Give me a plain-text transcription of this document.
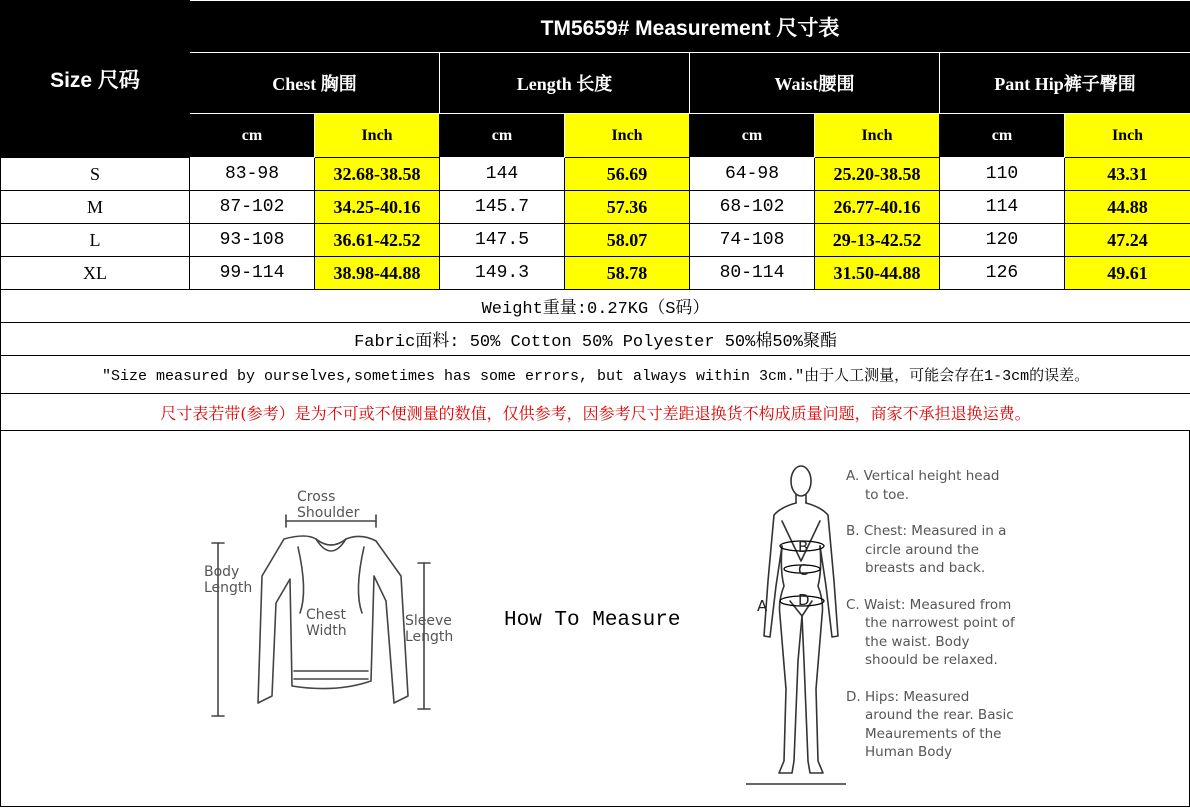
Size 尺码	TM5659# Measurement 尺寸表							
	Chest 胸围		Length 长度		Waist腰围		Pant Hip裤子臀围	
	cm	Inch	cm	Inch	cm	Inch	cm	Inch
S	83-98	32.68-38.58	144	56.69	64-98	25.20-38.58	110	43.31
M	87-102	34.25-40.16	145.7	57.36	68-102	26.77-40.16	114	44.88
L	93-108	36.61-42.52	147.5	58.07	74-108	29-13-42.52	120	47.24
XL	99-114	38.98-44.88	149.3	58.78	80-114	31.50-44.88	126	49.61
Weight重量:0.27KG（S码）								
Fabric面料: 50% Cotton 50% Polyester 50%棉50%聚酯								
"Size measured by ourselves,sometimes has some errors, but always within 3cm."由于人工测量，可能会存在1-3cm的误差。								
尺寸表若带(参考）是为不可或不便测量的数值，仅供参考，因参考尺寸差距退换货不构成质量问题，商家不承担退换运费。								
Cross
Shoulder
Body
Length
Chest
Width
Sleeve
Length
How To Measure
A
B
C
D
A. Vertical height head to toe.
B. Chest: Measured in a circle around the breasts and back.
C. Waist: Measured from the narrowest point of the waist. Body shoould be relaxed.
D. Hips: Measured around the rear. Basic Meaurements of the Human Body
